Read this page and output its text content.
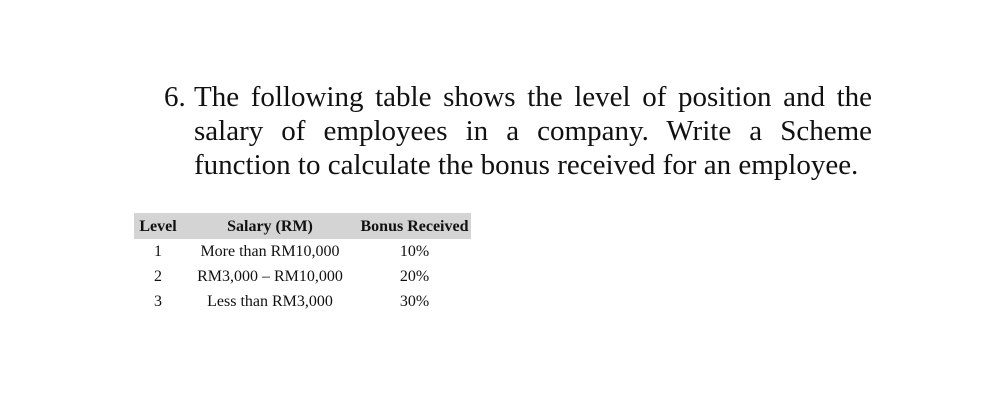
6. The following table shows the level of position and the
salary of employees in a company. Write a Scheme
function to calculate the bonus received for an employee.
Level	Salary (RM)	Bonus Received
1	More than RM10,000	10%
2	RM3,000 – RM10,000	20%
3	Less than RM3,000	30%
